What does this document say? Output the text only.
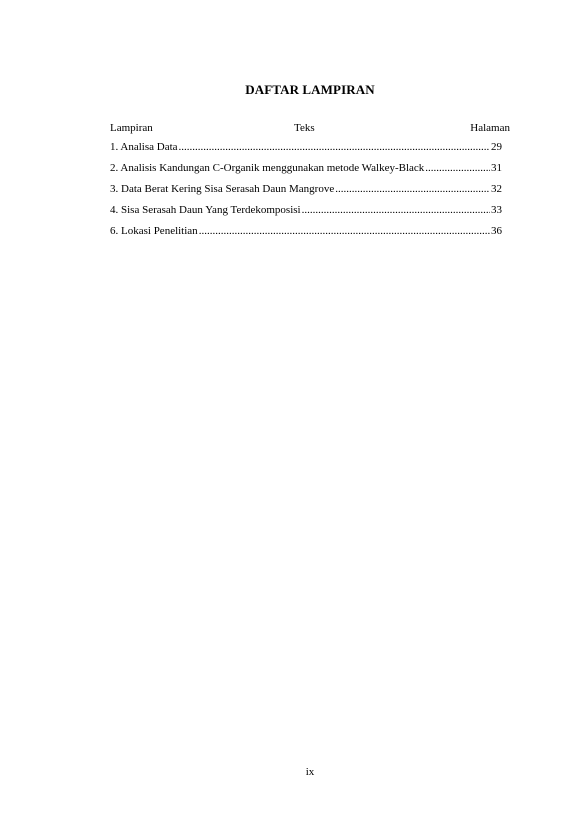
DAFTAR LAMPIRAN
Lampiran	Teks	Halaman
1. Analisa Data .....	29
2. Analisis Kandungan C-Organik menggunakan metode Walkey-Black .....	31
3. Data Berat Kering Sisa Serasah Daun Mangrove .....	32
4. Sisa Serasah Daun Yang Terdekomposisi .....	33
6. Lokasi Penelitian .....	36
ix
